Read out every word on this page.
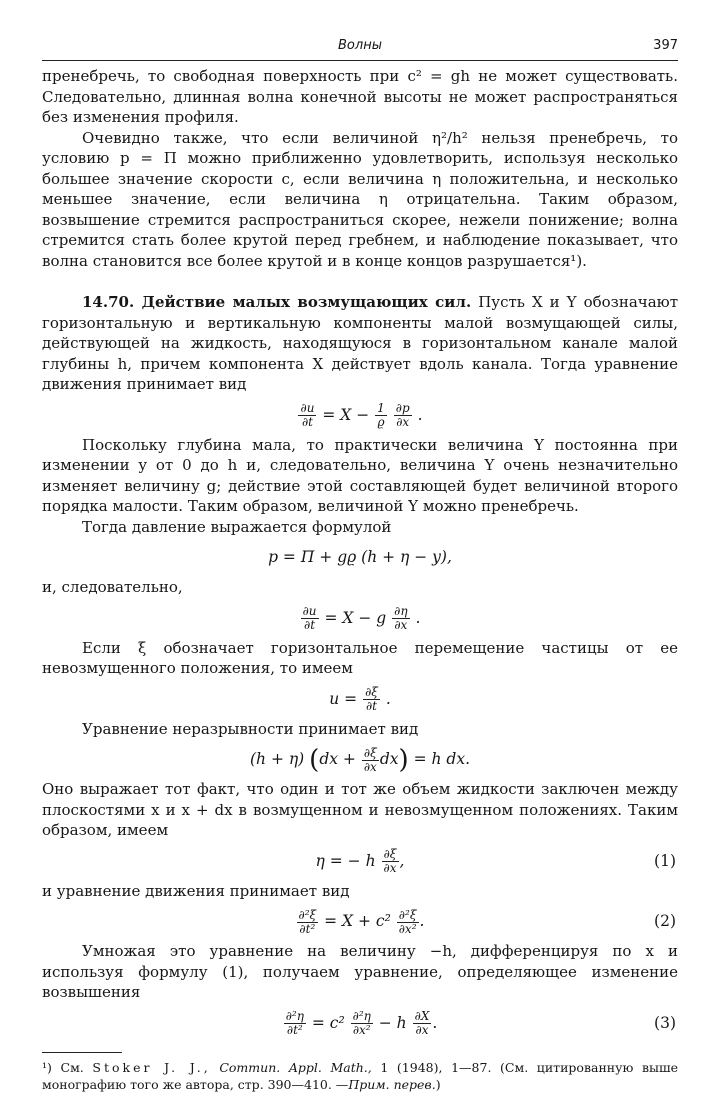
Волны	397

пренебречь, то свободная поверхность при c² = gh не может существовать. Следовательно, длинная волна конечной высоты не может распространяться без изменения профиля.

Очевидно также, что если величиной η²/h² нельзя пренебречь, то условию p = Π можно приближенно удовлетворить, используя несколько большее значение скорости c, если величина η положительна, и несколько меньшее значение, если величина η отрицательна. Таким образом, возвышение стремится распространиться скорее, нежели понижение; волна стремится стать более крутой перед гребнем, и наблюдение показывает, что волна становится все более крутой и в конце концов разрушается¹).

14.70. Действие малых возмущающих сил. Пусть X и Y обозначают горизонтальную и вертикальную компоненты малой возмущающей силы, действующей на жидкость, находящуюся в горизонтальном канале малой глубины h, причем компонента X действует вдоль канала. Тогда уравнение движения принимает вид

$\frac{\partial u}{\partial t} = X - \frac{1}{ϱ}$
$\frac{\partial p}{\partial x}$ .

Поскольку глубина мала, то практически величина Y постоянна при изменении y от 0 до h и, следовательно, величина Y очень незначительно изменяет величину g; действие этой составляющей будет величиной второго порядка малости. Таким образом, величиной Y можно пренебречь.

Тогда давление выражается формулой

p = Π + gϱ (h + η − y),

и, следовательно,

$\frac{\partial u}{\partial t} = X - g \frac{\partial\eta}{\partial x}$ .

Если ξ обозначает горизонтальное перемещение частицы от ее невозмущенного положения, то имеем

$u = \frac{\partial\xi}{\partial t}$ .

Уравнение неразрывности принимает вид

(h + η) $(dx + \frac{\partial\xi}{\partial x} dx) = h$ dx.

Оно выражает тот факт, что один и тот же объем жидкости заключен между плоскостями x и x + dx в возмущенном и невозмущенном положениях. Таким образом, имеем

η = − h $\frac{\partial\xi}{\partial x}$ ,	(1)

и уравнение движения принимает вид

$\frac{\text{∂²ξ}}{\text{∂t²}} = X + c^2 \frac{\text{∂²ξ}}{\text{∂x²}}$ .	(2)

Умножая это уравнение на величину −h, дифференцируя по x и используя формулу (1), получаем уравнение, определяющее изменение возвышения

$\frac{\text{∂²η}}{\text{∂t²}} = c^2 \frac{\text{∂²η}}{\text{∂x²}} - h \frac{\partial X}{\partial x}$ .	(3)

¹) См. Stoker J. J., Commun. Appl. Math., 1 (1948), 1—87. (См. цитированную выше монографию того же автора, стр. 390—410. —Прим. перев.)
